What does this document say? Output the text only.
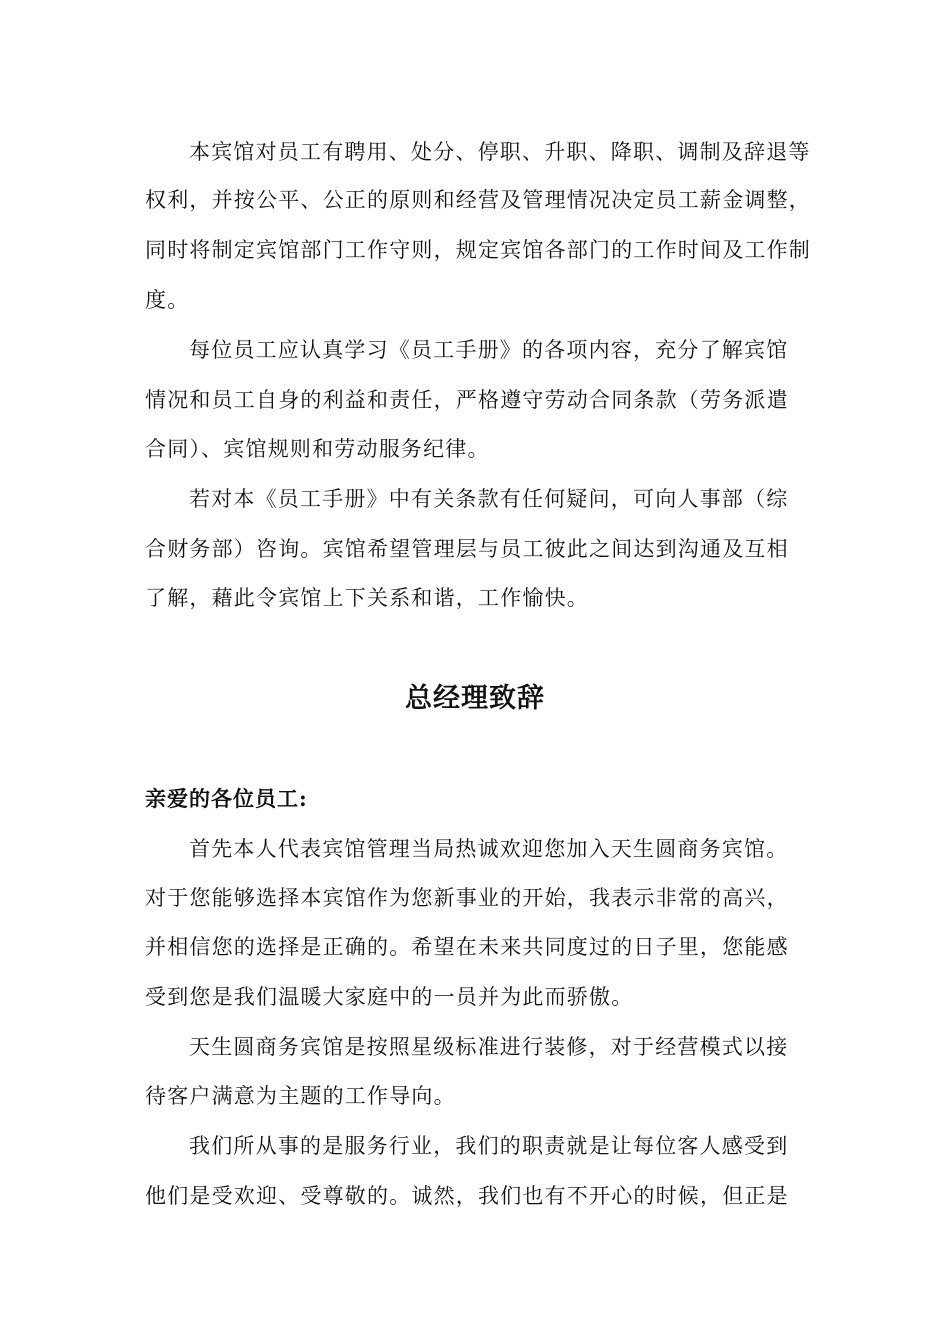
本宾馆对员工有聘用、处分、停职、升职、降职、调制及辞退等
权利，并按公平、公正的原则和经营及管理情况决定员工薪金调整，
同时将制定宾馆部门工作守则，规定宾馆各部门的工作时间及工作制
度。
每位员工应认真学习《员工手册》的各项内容，充分了解宾馆
情况和员工自身的利益和责任，严格遵守劳动合同条款（劳务派遣
合同）、宾馆规则和劳动服务纪律。
若对本《员工手册》中有关条款有任何疑问，可向人事部（综
合财务部）咨询。宾馆希望管理层与员工彼此之间达到沟通及互相
了解，藉此令宾馆上下关系和谐，工作愉快。
总经理致辞
亲爱的各位员工:
首先本人代表宾馆管理当局热诚欢迎您加入天生圆商务宾馆。
对于您能够选择本宾馆作为您新事业的开始，我表示非常的高兴，
并相信您的选择是正确的。希望在未来共同度过的日子里，您能感
受到您是我们温暖大家庭中的一员并为此而骄傲。
天生圆商务宾馆是按照星级标准进行装修，对于经营模式以接
待客户满意为主题的工作导向。
我们所从事的是服务行业，我们的职责就是让每位客人感受到
他们是受欢迎、受尊敬的。诚然，我们也有不开心的时候，但正是
